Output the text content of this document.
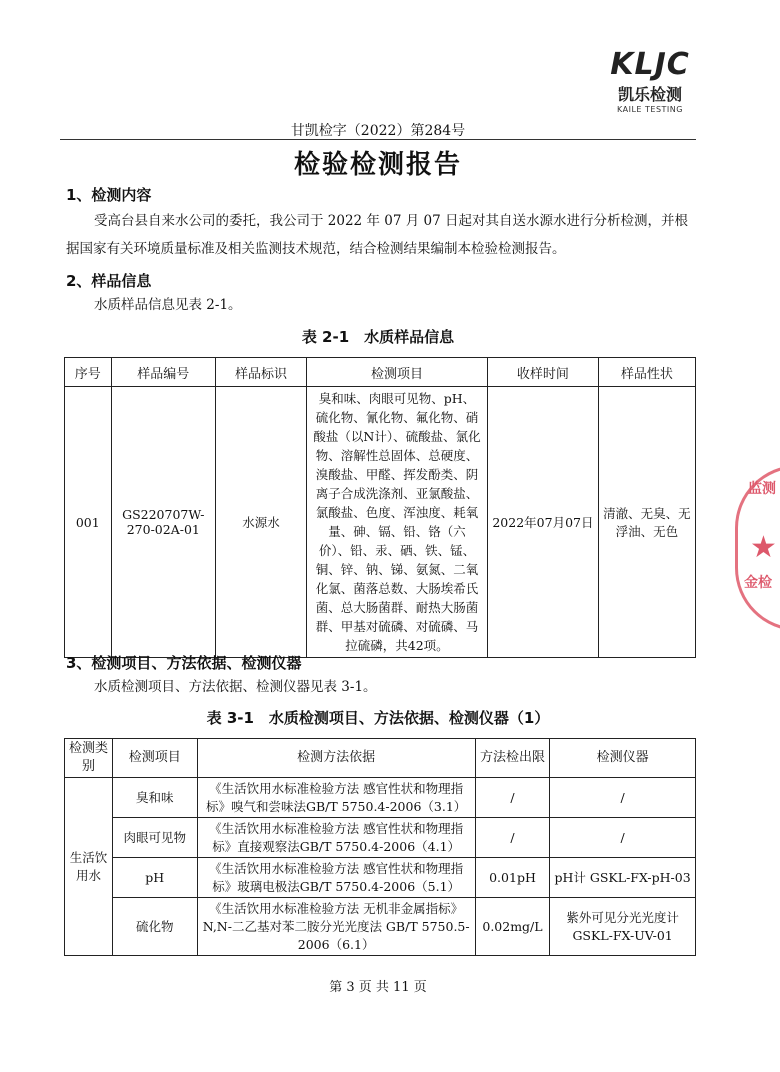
KLJC
凯乐检测
KAILE TESTING
甘凯检字（2022）第284号
检验检测报告
1、检测内容
受高台县自来水公司的委托，我公司于 2022 年 07 月 07 日起对其自送水源水进行分析检测，并根据国家有关环境质量标准及相关监测技术规范，结合检测结果编制本检验检测报告。
2、样品信息
水质样品信息见表 2-1。
表 2-1　水质样品信息
序号	样品编号	样品标识	检测项目	收样时间	样品性状
001	GS220707W-270-02A-01	水源水	臭和味、肉眼可见物、pH、硫化物、氰化物、氟化物、硝酸盐（以N计）、硫酸盐、氯化物、溶解性总固体、总硬度、溴酸盐、甲醛、挥发酚类、阴离子合成洗涤剂、亚氯酸盐、氯酸盐、色度、浑浊度、耗氧量、砷、镉、铅、铬（六价）、铅、汞、硒、铁、锰、铜、锌、钠、锑、氨氮、二氧化氯、菌落总数、大肠埃希氏菌、总大肠菌群、耐热大肠菌群、甲基对硫磷、对硫磷、马拉硫磷，共42项。	2022年07月07日	清澈、无臭、无浮油、无色
3、检测项目、方法依据、检测仪器
水质检测项目、方法依据、检测仪器见表 3-1。
表 3-1　水质检测项目、方法依据、检测仪器（1）
检测类别	检测项目	检测方法依据	方法检出限	检测仪器
生活饮用水	臭和味	《生活饮用水标准检验方法 感官性状和物理指标》嗅气和尝味法GB/T 5750.4-2006（3.1）	/	/
	肉眼可见物	《生活饮用水标准检验方法 感官性状和物理指标》直接观察法GB/T 5750.4-2006（4.1）	/	/
	pH	《生活饮用水标准检验方法 感官性状和物理指标》玻璃电极法GB/T 5750.4-2006（5.1）	0.01pH	pH计 GSKL-FX-pH-03
	硫化物	《生活饮用水标准检验方法 无机非金属指标》N,N-二乙基对苯二胺分光光度法 GB/T 5750.5-2006（6.1）	0.02mg/L	紫外可见分光光度计 GSKL-FX-UV-01
第 3 页 共 11 页
监测
★
金检
